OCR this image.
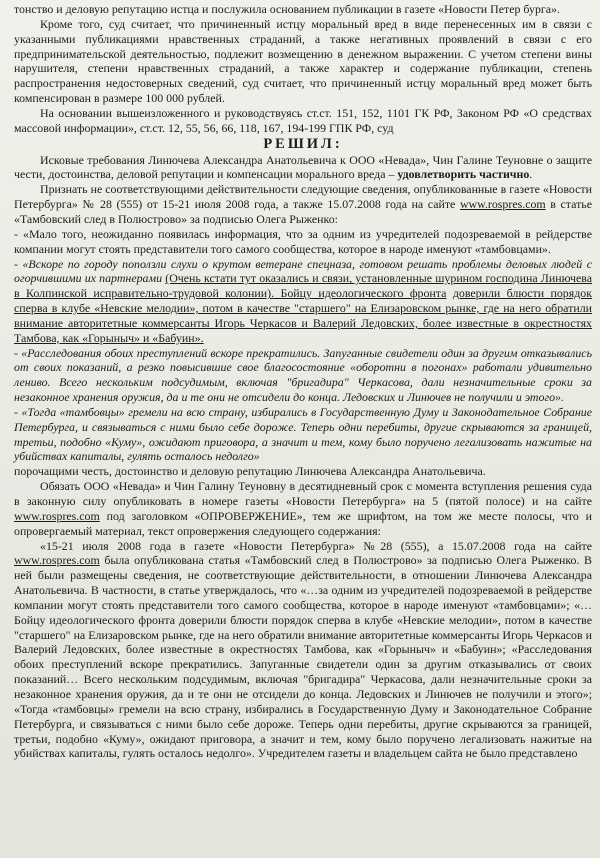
тонство и деловую репутацию истца и послужила основанием публикации в газете «Новости Петер бурга».

Кроме того, суд считает, что причиненный истцу моральный вред в виде перенесенных им в связи с указанными публикациями нравственных страданий, а также негативных проявлений в связи с его предпринимательской деятельностью, подлежит возмещению в денежном выражении. С учетом степени вины нарушителя, степени нравственных страданий, а также характер и содержание публикации, степень распространения недостоверных сведений, суд считает, что причиненный истцу моральный вред может быть компенсирован в размере 100 000 рублей.

На основании вышеизложенного и руководствуясь ст.ст. 151, 152, 1101 ГК РФ, Законом РФ «О средствах массовой информации», ст.ст. 12, 55, 56, 66, 118, 167, 194-199 ГПК РФ, суд

РЕШИЛ:

Исковые требования Линючева Александра Анатольевича к ООО «Невада», Чин Галине Теуновне о защите чести, достоинства, деловой репутации и компенсации морального вреда – удовлетворить частично.

Признать не соответствующими действительности следующие сведения, опубликованные в газете «Новости Петербурга» № 28 (555) от 15-21 июля 2008 года, а также 15.07.2008 года на сайте www.rospres.com в статье «Тамбовский след в Полюстрово» за подписью Олега Рыженко:

- «Мало того, неожиданно появилась информация, что за одним из учредителей подозреваемой в рейдерстве компании могут стоять представители того самого сообщества, которое в народе именуют «тамбовцами».

- «Вскоре по городу поползли слухи о крутом ветеране спецназа, готовом решать проблемы деловых людей с огорчившими их партнерами (Очень кстати тут оказались и связи, установленные шурином господина Линючева в Колпинской исправительно-трудовой колонии). Бойцу идеологического фронта доверили блюсти порядок сперва в клубе «Невские мелодии», потом в качестве "старшего" на Елизаровском рынке, где на него обратили внимание авторитетные коммерсанты Игорь Черкасов и Валерий Ледовских, более известные в окрестностях Тамбова, как «Горыныч» и «Бабуин».

- «Расследования обоих преступлений вскоре прекратились. Запуганные свидетели один за другим отказывались от своих показаний, а резко повысившие свое благосостояние «оборотни в погонах» работали удивительно лениво. Всего нескольким подсудимым, включая "бригадира" Черкасова, дали незначительные сроки за незаконное хранения оружия, да и те они не отсидели до конца. Ледовских и Линючев не получили и этого».

- «Тогда «тамбовцы» гремели на всю страну, избирались в Государственную Думу и Законодательное Собрание Петербурга, и связываться с ними было себе дороже. Теперь одни перебиты, другие скрываются за границей, третьи, подобно «Куму», ожидают приговора, а значит и тем, кому было поручено легализовать нажитые на убийствах капиталы, гулять осталось недолго»

порочащими честь, достоинство и деловую репутацию Линючева Александра Анатольевича.

Обязать ООО «Невада» и Чин Галину Теуновну в десятидневный срок с момента вступления решения суда в законную силу опубликовать в номере газеты «Новости Петербурга» на 5 (пятой полосе) и на сайте www.rospres.com под заголовком «ОПРОВЕРЖЕНИЕ», тем же шрифтом, на том же месте полосы, что и опровергаемый материал, текст опровержения следующего содержания:

«15-21 июля 2008 года в газете «Новости Петербурга» №28 (555), а 15.07.2008 года на сайте www.rospres.com была опубликована статья «Тамбовский след в Полюстрово» за подписью Олега Рыженко. В ней были размещены сведения, не соответствующие действительности, в отношении Линючева Александра Анатольевича. В частности, в статье утверждалось, что «…за одним из учредителей подозреваемой в рейдерстве компании могут стоять представители того самого сообщества, которое в народе именуют «тамбовцами»; «…Бойцу идеологического фронта доверили блюсти порядок сперва в клубе «Невские мелодии», потом в качестве "старшего" на Елизаровском рынке, где на него обратили внимание авторитетные коммерсанты Игорь Черкасов и Валерий Ледовских, более известные в окрестностях Тамбова, как «Горыныч» и «Бабуин»; «Расследования обоих преступлений вскоре прекратились. Запуганные свидетели один за другим отказывались от своих показаний… Всего нескольким подсудимым, включая "бригадира" Черкасова, дали незначительные сроки за незаконное хранения оружия, да и те они не отсидели до конца. Ледовских и Линючев не получили и этого»; «Тогда «тамбовцы» гремели на всю страну, избирались в Государственную Думу и Законодательное Собрание Петербурга, и связываться с ними было себе дороже. Теперь одни перебиты, другие скрываются за границей, третьи, подобно «Куму», ожидают приговора, а значит и тем, кому было поручено легализовать нажитые на убийствах капиталы, гулять осталось недолго». Учредителем газеты и владельцем сайта не было представлено
